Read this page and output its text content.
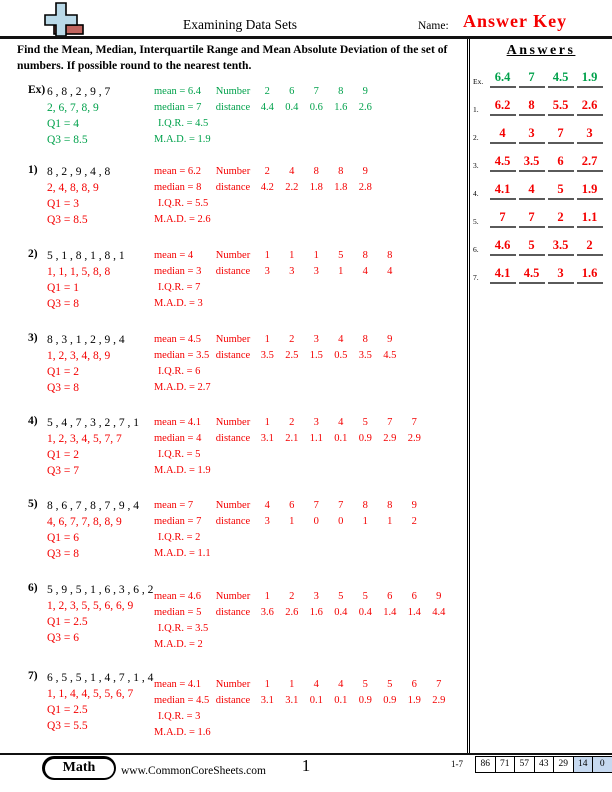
Examining Data Sets	Name: Answer Key
Find the Mean, Median, Interquartile Range and Mean Absolute Deviation of the set of numbers. If possible round to the nearest tenth.
Answers
Ex. 6.4 7 4.5 1.9
1. 6.2 8 5.5 2.6
2. 4 3 7 3
3. 4.5 3.5 6 2.7
4. 4.1 4 5 1.9
5. 7 7 2 1.1
6. 4.6 5 3.5 2
7. 4.1 4.5 3 1.6
Ex) 6 , 8 , 2 , 9 , 7
2, 6, 7, 8, 9
Q1 = 4
Q3 = 8.5
mean = 6.4 Number 2 6 7 8 9
median = 7 distance 4.4 0.4 0.6 1.6 2.6
I.Q.R. = 4.5
M.A.D. = 1.9
1) 8 , 2 , 9 , 4 , 8
2, 4, 8, 8, 9
Q1 = 3
Q3 = 8.5
mean = 6.2 Number 2 4 8 8 9
median = 8 distance 4.2 2.2 1.8 1.8 2.8
I.Q.R. = 5.5
M.A.D. = 2.6
2) 5 , 1 , 8 , 1 , 8 , 1
1, 1, 1, 5, 8, 8
Q1 = 1
Q3 = 8
mean = 4 Number 1 1 1 5 8 8
median = 3 distance 3 3 3 1 4 4
I.Q.R. = 7
M.A.D. = 3
3) 8 , 3 , 1 , 2 , 9 , 4
1, 2, 3, 4, 8, 9
Q1 = 2
Q3 = 8
mean = 4.5 Number 1 2 3 4 8 9
median = 3.5 distance 3.5 2.5 1.5 0.5 3.5 4.5
I.Q.R. = 6
M.A.D. = 2.7
4) 5 , 4 , 7 , 3 , 2 , 7 , 1
1, 2, 3, 4, 5, 7, 7
Q1 = 2
Q3 = 7
mean = 4.1 Number 1 2 3 4 5 7 7
median = 4 distance 3.1 2.1 1.1 0.1 0.9 2.9 2.9
I.Q.R. = 5
M.A.D. = 1.9
5) 8 , 6 , 7 , 8 , 7 , 9 , 4
4, 6, 7, 7, 8, 8, 9
Q1 = 6
Q3 = 8
mean = 7 Number 4 6 7 7 8 8 9
median = 7 distance 3 1 0 0 1 1 2
I.Q.R. = 2
M.A.D. = 1.1
6) 5 , 9 , 5 , 1 , 6 , 3 , 6 , 2
1, 2, 3, 5, 5, 6, 6, 9
Q1 = 2.5
Q3 = 6
mean = 4.6 Number 1 2 3 5 5 6 6 9
median = 5 distance 3.6 2.6 1.6 0.4 0.4 1.4 1.4 4.4
I.Q.R. = 3.5
M.A.D. = 2
7) 6 , 5 , 5 , 1 , 4 , 7 , 1 , 4
1, 1, 4, 4, 5, 5, 6, 7
Q1 = 2.5
Q3 = 5.5
mean = 4.1 Number 1 1 4 4 5 5 6 7
median = 4.5 distance 3.1 3.1 0.1 0.1 0.9 0.9 1.9 2.9
I.Q.R. = 3
M.A.D. = 1.6
Math	www.CommonCoreSheets.com	1	1-7	86	71	57	43	29	14	0
